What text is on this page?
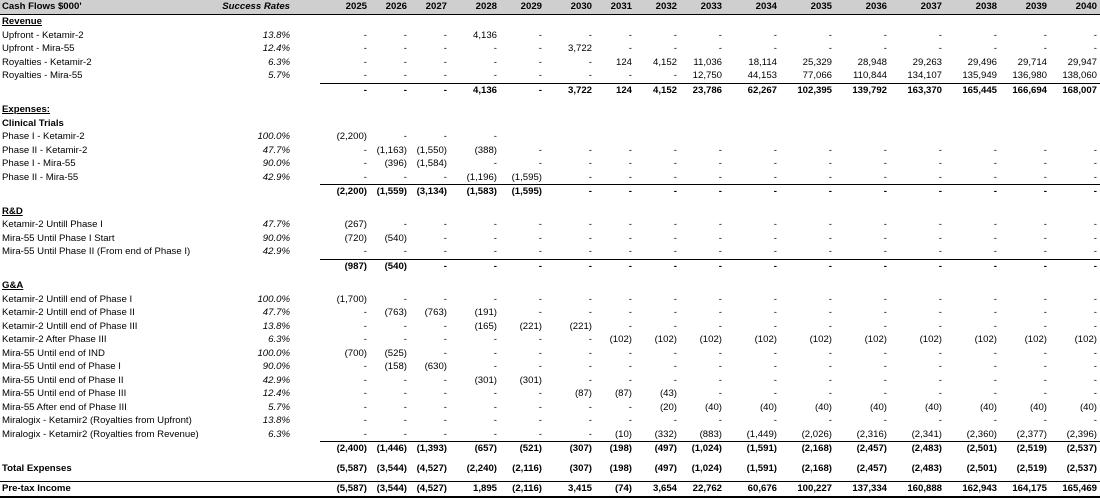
Cash Flows $000'	Success Rates	2025	2026	2027	2028	2029	2030	2031	2032	2033	2034	2035	2036	2037	2038	2039	2040
Revenue																	
Upfront - Ketamir-2	13.8%	-	-	-	4,136	-	-	-	-	-	-	-	-	-	-	-	-
Upfront - Mira-55	12.4%	-	-	-	-	-	3,722	-	-	-	-	-	-	-	-	-	-
Royalties - Ketamir-2	6.3%	-	-	-	-	-	-	124	4,152	11,036	18,114	25,329	28,948	29,263	29,496	29,714	29,947
Royalties - Mira-55	5.7%	-	-	-	-	-	-	-	-	12,750	44,153	77,066	110,844	134,107	135,949	136,980	138,060
		-	-	-	4,136	-	3,722	124	4,152	23,786	62,267	102,395	139,792	163,370	165,445	166,694	168,007

Expenses:																	
Clinical Trials																	
Phase I - Ketamir-2	100.0%	(2,200)	-	-	-												
Phase II - Ketamir-2	47.7%	-	(1,163)	(1,550)	(388)	-	-	-	-	-	-	-	-	-	-	-	-
Phase I - Mira-55	90.0%	-	(396)	(1,584)	-	-	-	-	-	-	-	-	-	-	-	-	-
Phase II - Mira-55	42.9%	-	-	-	(1,196)	(1,595)	-	-	-	-	-	-	-	-	-	-	-
		(2,200)	(1,559)	(3,134)	(1,583)	(1,595)	-	-	-	-	-	-	-	-	-	-	-

R&D																	
Ketamir-2 Untill Phase I	47.7%	(267)	-	-	-	-	-	-	-	-	-	-	-	-	-	-	-
Mira-55 Until Phase I Start	90.0%	(720)	(540)	-	-	-	-	-	-	-	-	-	-	-	-	-	-
Mira-55 Until Phase II (From end of Phase I)	42.9%	-	-	-	-	-	-	-	-	-	-	-	-	-	-	-	-
		(987)	(540)	-	-	-	-	-	-	-	-	-	-	-	-	-	-

G&A																	
Ketamir-2 Untill end of Phase I	100.0%	(1,700)	-	-	-	-	-	-	-	-	-	-	-	-	-	-	-
Ketamir-2 Untill end of Phase II	47.7%	-	(763)	(763)	(191)	-	-	-	-	-	-	-	-	-	-	-	-
Ketamir-2 Untill end of Phase III	13.8%	-	-	-	(165)	(221)	(221)	-	-	-	-	-	-	-	-	-	-
Ketamir-2 After Phase III	6.3%	-	-	-	-	-	-	(102)	(102)	(102)	(102)	(102)	(102)	(102)	(102)	(102)	(102)
Mira-55 Until end of IND	100.0%	(700)	(525)	-	-	-	-	-	-	-	-	-	-	-	-	-	-
Mira-55 Until end of Phase I	90.0%	-	(158)	(630)	-	-	-	-	-	-	-	-	-	-	-	-	-
Mira-55 Until end of Phase II	42.9%	-	-	-	(301)	(301)	-	-	-	-	-	-	-	-	-	-	-
Mira-55 Until end of Phase III	12.4%	-	-	-	-	-	(87)	(87)	(43)	-	-	-	-	-	-	-	-
Mira-55 After end of Phase III	5.7%	-	-	-	-	-	-	-	(20)	(40)	(40)	(40)	(40)	(40)	(40)	(40)	(40)
Miralogix - Ketamir2 (Royalties from Upfront)	13.8%	-	-	-	-	-	-	-	-	-	-	-	-	-	-	-	-
Miralogix - Ketamir2 (Royalties from Revenue)	6.3%	-	-	-	-	-	-	(10)	(332)	(883)	(1,449)	(2,026)	(2,316)	(2,341)	(2,360)	(2,377)	(2,396)
		(2,400)	(1,446)	(1,393)	(657)	(521)	(307)	(198)	(497)	(1,024)	(1,591)	(2,168)	(2,457)	(2,483)	(2,501)	(2,519)	(2,537)

Total Expenses		(5,587)	(3,544)	(4,527)	(2,240)	(2,116)	(307)	(198)	(497)	(1,024)	(1,591)	(2,168)	(2,457)	(2,483)	(2,501)	(2,519)	(2,537)

Pre-tax Income		(5,587)	(3,544)	(4,527)	1,895	(2,116)	3,415	(74)	3,654	22,762	60,676	100,227	137,334	160,888	162,943	164,175	165,469
